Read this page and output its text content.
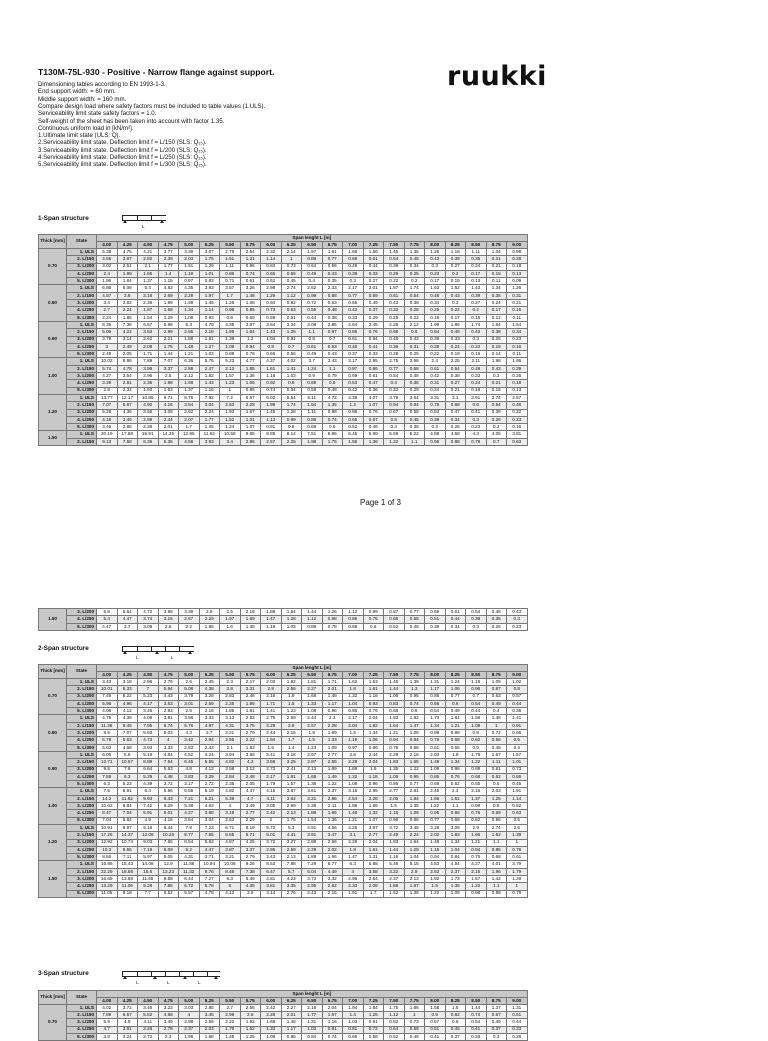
T130M-75L-930 - Positive - Narrow flange against support.	ruukki
Dimensioning tables according to EN 1993-1-3.
End support width: = 60 mm.
Middle support width: = 160 mm.
Compare design load where safety factors must be included to table values (1.ULS).
Serviceability limit state safety factors = 1.0.
Self-weight of the sheet has been taken into account with factor 1.35.
Continuous uniform load in [kN/m²].
1.Ultimate limit state (ULS: Q).
2.Serviceability limit state. Deflection limit f = L/150 (SLS: Q₁₅).
3.Serviceability limit state. Deflection limit f = L/200 (SLS: Q₁₅).
4.Serviceability limit state. Deflection limit f = L/250 (SLS: Q₁₅).
5.Serviceability limit state. Deflection limit f = L/300 (SLS: Q₁₅).
1-Span structure
L
2-Span structure
L	L
3-Span structure
L	L	L
Page 1 of 3
Thick [mm]	State	Span lenght L [m]																				
		4.00	4.25	4.50	4.75	5.00	5.25	5.50	5.75	6.00	6.25	6.50	6.75	7.00	7.25	7.50	7.75	8.00	8.25	8.50	8.75	9.00
0.70	1. ULS	5.36	4.75	4.21	3.77	3.39	3.07	2.79	2.54	2.32	2.14	1.97	1.81	1.68	1.56	1.45	1.35	1.26	1.18	1.11	1.04	0.98
	2. L/150	4.56	3.97	2.82	2.39	2.03	1.75	1.51	1.31	1.14	1	0.88	0.77	0.68	0.61	0.54	0.48	0.43	0.39	0.35	0.31	0.28
	3. L/200	3.02	2.51	2.1	1.77	1.51	1.29	1.11	0.96	0.83	0.73	0.64	0.56	0.49	0.44	0.38	0.34	0.3	0.27	0.24	0.21	0.18
	4. L/250	2.4	1.99	1.66	1.4	1.19	1.01	0.86	0.74	0.65	0.56	0.49	0.43	0.38	0.33	0.29	0.25	0.23	0.2	0.17	0.15	0.13
	5. L/300	1.96	1.64	1.37	1.15	0.97	0.83	0.71	0.61	0.52	0.45	0.4	0.35	0.3	0.27	0.22	0.2	0.17	0.15	0.13	0.11	0.09
0.80	1. ULS	6.86	6.06	5.4	4.83	4.35	3.93	3.57	3.26	2.98	2.74	2.52	2.33	2.17	2.01	1.87	1.74	1.63	1.52	1.43	1.34	1.26
	2. L/150	4.57	3.8	3.18	2.69	2.29	1.97	1.7	1.48	1.29	1.12	0.99	0.88	0.77	0.69	0.61	0.54	0.48	0.43	0.39	0.35	0.31
	3. L/200	3.4	2.82	2.36	1.99	1.69	1.45	1.25	1.08	0.94	0.82	0.72	0.63	0.55	0.49	0.43	0.38	0.34	0.3	0.27	0.24	0.21
	4. L/250	2.7	2.24	1.87	1.58	1.34	1.14	0.98	0.85	0.73	0.63	0.55	0.48	0.42	0.37	0.32	0.28	0.25	0.22	0.2	0.17	0.15
	5. L/300	2.24	1.85	1.54	1.29	1.09	0.93	0.8	0.69	0.59	0.51	0.44	0.38	0.33	0.29	0.25	0.22	0.19	0.17	0.15	0.12	0.11
0.90	1. ULS	8.35	7.38	6.57	5.88	5.3	4.79	4.35	3.97	3.64	3.34	3.08	2.85	2.64	2.45	2.28	2.12	1.99	1.86	1.74	1.64	1.54
	2. L/150	5.06	4.22	3.53	2.99	2.55	2.18	1.89	1.64	1.43	1.25	1.1	0.97	0.86	0.76	0.68	0.6	0.54	0.48	0.43	0.38	0.34
	3. L/200	3.78	3.14	2.62	2.21	1.88	1.61	1.39	1.2	1.04	0.91	0.8	0.7	0.61	0.54	0.48	0.42	0.36	0.33	0.3	0.26	0.23
	4. L/250	3	2.49	2.08	1.75	1.48	1.27	1.09	0.94	0.8	0.7	0.61	0.53	0.46	0.41	0.36	0.31	0.28	0.24	0.22	0.19	0.16
	5. L/300	2.49	2.05	1.71	1.44	1.21	1.03	0.88	0.76	0.66	0.56	0.49	0.43	0.37	0.33	0.28	0.25	0.22	0.19	0.16	0.14	0.11
1.00	1. ULS	10.02	8.86	7.89	7.07	6.36	5.76	5.23	4.77	4.37	4.02	3.7	3.43	3.17	2.95	2.75	2.56	2.4	2.25	2.11	1.98	1.86
	2. L/150	5.74	4.78	3.99	3.37	2.88	2.47	2.13	1.85	1.61	1.41	1.24	1.1	0.97	0.86	0.77	0.68	0.61	0.54	0.49	0.43	0.39
	3. L/200	4.27	3.54	2.96	2.5	2.12	1.82	1.57	1.36	1.18	1.03	0.9	0.79	0.69	0.61	0.54	0.48	0.42	0.38	0.33	0.3	0.26
	4. L/250	3.39	2.81	2.35	1.98	1.68	1.43	1.23	1.06	0.92	0.8	0.69	0.6	0.53	0.47	0.4	0.36	0.31	0.27	0.24	0.21	0.18
	5. L/300	2.8	2.32	1.93	1.63	1.37	1.16	1	0.86	0.74	0.64	0.56	0.48	0.42	0.36	0.32	0.29	0.24	0.21	0.18	0.16	0.13
1.20	1. ULS	13.77	12.17	10.85	9.71	8.75	7.92	7.2	6.57	6.02	5.54	5.11	4.72	4.38	4.07	3.79	3.54	3.31	3.1	2.91	2.74	2.57
	2. L/150	7.07	5.87	4.92	4.16	3.54	3.04	2.63	2.28	1.99	1.74	1.54	1.35	1.2	1.07	0.94	0.84	0.76	0.68	0.6	0.54	0.48
	3. L/200	5.26	4.36	3.65	3.08	2.62	2.24	1.93	1.67	1.45	1.28	1.11	0.98	0.86	0.76	0.67	0.59	0.53	0.47	0.41	0.36	0.32
	4. L/250	4.18	3.46	2.89	2.44	2.07	1.77	1.52	1.31	1.13	0.99	0.86	0.74	0.65	0.57	0.5	0.45	0.39	0.34	0.3	0.26	0.23
	5. L/300	3.46	2.86	2.39	2.01	1.7	1.45	1.24	1.07	0.91	0.8	0.69	0.6	0.52	0.46	0.4	0.35	0.3	0.26	0.23	0.2	0.16
1.50	1. ULS	20.19	17.86	15.91	14.25	12.85	11.62	10.58	9.65	8.85	8.14	7.51	6.95	6.45	5.99	5.59	5.22	4.88	4.58	4.3	4.05	3.81
	2. L/150	9.13	7.58	6.36	5.36	4.58	3.93	3.4	2.95	2.57	2.25	1.98	1.75	1.56	1.36	1.22	1.1	0.96	0.88	0.78	0.7	0.63
1.50	3. L/200	6.8	5.64	4.72	3.98	3.39	2.9	2.5	2.16	1.88	1.64	1.44	1.26	1.12	0.99	0.87	0.77	0.69	0.61	0.54	0.48	0.43
	4. L/250	5.4	4.47	3.74	3.15	2.67	2.29	1.97	1.69	1.47	1.28	1.12	0.98	0.86	0.75	0.66	0.58	0.51	0.44	0.39	0.35	0.3
	5. L/300	4.47	3.7	3.09	2.6	2.2	1.88	1.6	1.38	1.19	1.03	0.89	0.78	0.68	0.6	0.52	0.45	0.39	0.34	0.3	0.26	0.23
Thick [mm]	State	Span lenght L [m]																				
		4.00	4.25	4.50	4.75	5.00	5.25	5.50	5.75	6.00	6.25	6.50	6.75	7.00	7.25	7.50	7.75	8.00	8.25	8.50	8.75	9.00
0.70	1. ULS	3.43	3.18	2.96	2.76	2.6	2.45	2.3	2.17	2.03	1.92	1.81	1.71	1.62	1.53	1.45	1.38	1.31	1.24	1.18	1.09	1.02
	2. L/150	10.01	8.33	7	5.94	5.08	4.38	3.8	3.31	2.9	2.56	2.27	2.01	1.8	1.61	1.44	1.3	1.17	1.06	0.96	0.87	0.8
	3. L/200	7.48	6.22	5.23	4.43	3.79	3.26	2.83	2.46	2.16	1.9	1.68	1.49	1.32	1.18	1.06	0.95	0.86	0.77	0.7	0.63	0.57
	4. L/250	5.96	4.96	4.17	3.53	3.01	2.59	2.25	1.95	1.71	1.5	1.33	1.17	1.04	0.93	0.83	0.74	0.66	0.6	0.54	0.49	0.44
	5. L/300	4.96	4.12	3.46	2.93	2.5	2.15	1.85	1.61	1.41	1.23	1.08	0.96	0.85	0.75	0.68	0.6	0.54	0.49	0.44	0.4	0.35
0.80	1. ULS	4.75	4.39	4.08	3.81	3.56	3.33	3.13	2.93	2.75	2.59	2.44	2.3	2.17	2.04	1.93	1.82	1.73	1.64	1.56	1.48	1.41
	2. L/150	11.36	9.45	7.95	6.74	5.76	4.97	4.31	3.75	3.29	2.9	2.57	2.28	2.04	1.82	1.64	1.47	1.34	1.21	1.09	1	0.91
	3. L/200	8.5	7.07	5.93	5.03	4.3	3.7	3.21	2.79	2.44	2.15	1.9	1.69	1.5	1.34	1.21	1.08	0.98	0.88	0.8	0.72	0.65
	4. L/250	6.78	5.63	4.73	4	3.42	2.94	2.55	2.22	1.94	1.7	1.5	1.33	1.19	1.06	0.94	0.84	0.76	0.68	0.62	0.56	0.5
	5. L/300	5.63	4.68	3.93	3.33	2.83	2.43	2.1	1.83	1.6	1.4	1.23	1.09	0.97	0.86	0.76	0.68	0.61	0.55	0.5	0.45	0.4
0.90	1. ULS	6.06	5.6	5.19	4.84	4.52	4.24	3.94	3.66	3.41	3.18	2.97	2.77	2.6	2.44	2.29	2.16	2.03	1.9	1.78	1.67	1.57
	2. L/150	12.71	10.57	8.89	7.54	6.45	5.55	4.82	4.2	3.68	3.25	2.87	2.55	2.28	2.04	1.83	1.65	1.49	1.34	1.22	1.11	1.01
	3. L/200	9.5	7.9	6.64	5.63	4.8	4.13	3.58	3.12	2.73	2.41	2.13	1.89	1.68	1.5	1.35	1.22	1.09	0.98	0.89	0.81	0.73
	4. L/250	7.58	6.3	5.29	4.48	3.83	3.29	2.84	2.48	2.17	1.91	1.68	1.49	1.32	1.18	1.05	0.95	0.85	0.76	0.68	0.62	0.56
	5. L/300	6.3	5.23	4.39	3.72	3.17	2.72	2.35	2.05	1.79	1.57	1.38	1.22	1.08	0.96	0.86	0.77	0.69	0.62	0.55	0.5	0.45
1.00	1. ULS	7.5	6.91	6.4	5.96	5.55	5.19	4.82	4.47	4.15	3.87	3.61	3.37	3.15	2.95	2.77	2.61	2.45	2.3	2.16	2.03	1.91
	2. L/150	14.2	11.82	9.93	8.43	7.21	6.21	5.39	4.7	4.11	3.62	3.21	2.86	2.54	2.28	2.05	1.84	1.66	1.51	1.37	1.25	1.14
	3. L/200	10.62	8.84	7.42	6.29	5.38	4.63	4	3.49	3.05	2.69	2.38	2.11	1.88	1.68	1.5	1.35	1.22	1.1	0.99	0.9	0.82
	4. L/250	8.47	7.04	5.91	5.01	4.27	3.68	3.18	2.77	2.42	2.13	1.88	1.66	1.48	1.32	1.18	1.06	0.95	0.86	0.76	0.69	0.63
	5. L/300	7.04	5.84	4.9	4.15	3.54	3.04	2.63	2.29	2	1.75	1.54	1.36	1.21	1.07	0.96	0.86	0.77	0.69	0.62	0.56	0.5
1.20	1. ULS	10.91	9.97	9.16	8.44	7.8	7.23	6.71	6.19	5.72	5.3	4.91	4.56	4.25	3.97	3.72	3.49	3.28	3.09	2.9	2.74	2.6
	2. L/150	17.26	14.37	12.08	10.26	8.77	7.55	6.55	5.71	5.01	4.41	3.91	3.47	3.1	2.77	2.49	2.24	2.02	1.83	1.66	1.52	1.39
	3. L/200	12.92	10.74	9.03	7.65	6.54	5.63	4.87	4.25	3.72	3.27	2.89	2.56	2.28	2.04	1.83	1.64	1.48	1.34	1.21	1.1	1
	4. L/250	10.3	8.56	7.19	6.09	5.2	4.47	3.87	3.37	2.95	2.59	2.29	2.02	1.8	1.61	1.44	1.29	1.15	1.04	0.94	0.85	0.76
	5. L/300	8.56	7.11	5.97	5.05	4.31	3.71	3.21	2.79	2.43	2.13	1.88	1.66	1.47	1.31	1.16	1.04	0.94	0.84	0.75	0.68	0.61
1.50	1. ULS	16.96	15.43	14.08	12.9	11.86	10.94	10.08	9.26	8.53	7.88	7.29	6.77	6.3	5.88	5.49	5.15	4.83	4.54	4.27	4.01	3.79
	2. L/150	22.29	18.56	15.6	13.23	11.32	9.76	8.46	7.38	6.47	5.7	5.04	4.49	4	3.58	3.22	2.9	2.62	2.37	2.15	1.96	1.79
	3. L/200	16.68	13.88	11.65	9.88	8.44	7.27	6.3	5.49	4.81	4.23	3.73	3.32	2.96	2.64	2.37	2.13	1.92	1.73	1.57	1.42	1.29
	4. L/250	13.29	11.06	9.28	7.86	6.72	5.78	5	4.35	3.81	3.35	2.95	2.62	2.33	2.08	1.86	1.67	1.5	1.35	1.22	1.1	1
	5. L/300	11.05	9.18	7.7	6.52	5.57	4.78	4.13	3.6	3.14	2.76	2.43	2.15	1.91	1.7	1.52	1.36	1.22	1.09	0.98	0.88	0.79
Thick [mm]	State	Span lenght L [m]																				
		4.00	4.25	4.50	4.75	5.00	5.25	5.50	5.75	6.00	6.25	6.50	6.75	7.00	7.25	7.50	7.75	8.00	8.25	8.50	8.75	9.00
0.70	1. ULS	4.02	3.72	3.46	3.23	3.03	2.85	2.7	2.55	2.42	2.27	2.16	2.04	1.94	1.84	1.75	1.66	1.58	1.5	1.44	1.37	1.31
	2. L/150	7.89	6.57	5.52	4.68	4	3.45	2.99	2.6	2.28	2.01	1.77	1.57	1.4	1.25	1.12	1	0.9	0.82	0.74	0.67	0.61
	3. L/200	5.9	4.9	4.11	3.49	2.98	2.56	2.22	1.92	1.68	1.48	1.31	1.16	1.03	0.91	0.82	0.73	0.67	0.6	0.54	0.49	0.44
	4. L/250	4.7	3.91	3.28	2.78	2.37	2.03	1.76	1.52	1.33	1.17	1.03	0.91	0.81	0.72	0.64	0.56	0.51	0.45	0.41	0.37	0.33
	5. L/300	3.9	3.24	2.72	2.3	1.96	1.68	1.45	1.25	1.09	0.95	0.84	0.74	0.66	0.58	0.52	0.46	0.41	0.37	0.33	0.3	0.26
